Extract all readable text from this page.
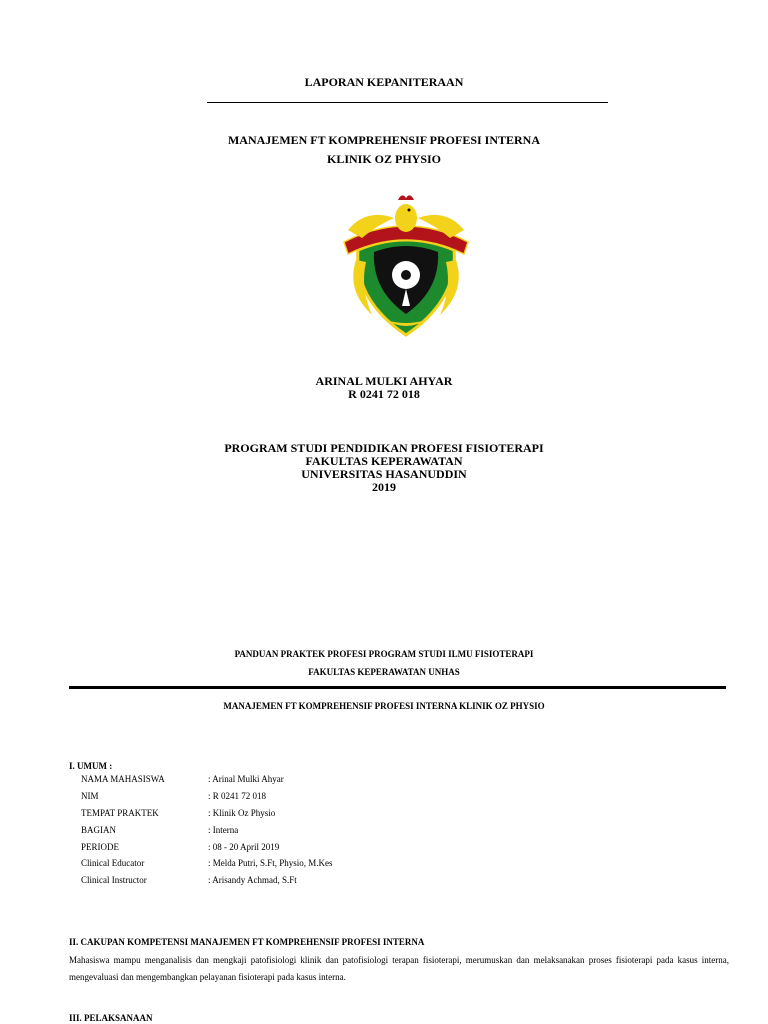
LAPORAN KEPANITERAAN
MANAJEMEN FT KOMPREHENSIF PROFESI INTERNA
KLINIK OZ PHYSIO
ARINAL MULKI AHYAR
R 0241 72 018
PROGRAM STUDI PENDIDIKAN PROFESI FISIOTERAPI
FAKULTAS KEPERAWATAN
UNIVERSITAS HASANUDDIN
2019
PANDUAN PRAKTEK PROFESI PROGRAM STUDI ILMU FISIOTERAPI
FAKULTAS KEPERAWATAN UNHAS
MANAJEMEN FT KOMPREHENSIF PROFESI INTERNA KLINIK OZ PHYSIO
I. UMUM :
NAMA MAHASISWA	: Arinal Mulki Ahyar
NIM	: R 0241 72 018
TEMPAT PRAKTEK	: Klinik Oz Physio
BAGIAN	: Interna
PERIODE	: 08 - 20 April 2019
Clinical Educator	: Melda Putri, S.Ft, Physio, M.Kes
Clinical Instructor	: Arisandy Achmad, S.Ft
II. CAKUPAN KOMPETENSI MANAJEMEN FT KOMPREHENSIF PROFESI INTERNA
Mahasiswa mampu menganalisis dan mengkaji patofisiologi klinik dan patofisiologi terapan fisioterapi, merumuskan dan melaksanakan proses fisioterapi pada kasus interna, mengevaluasi dan mengembangkan pelayanan fisioterapi pada kasus interna.
III. PELAKSANAAN
